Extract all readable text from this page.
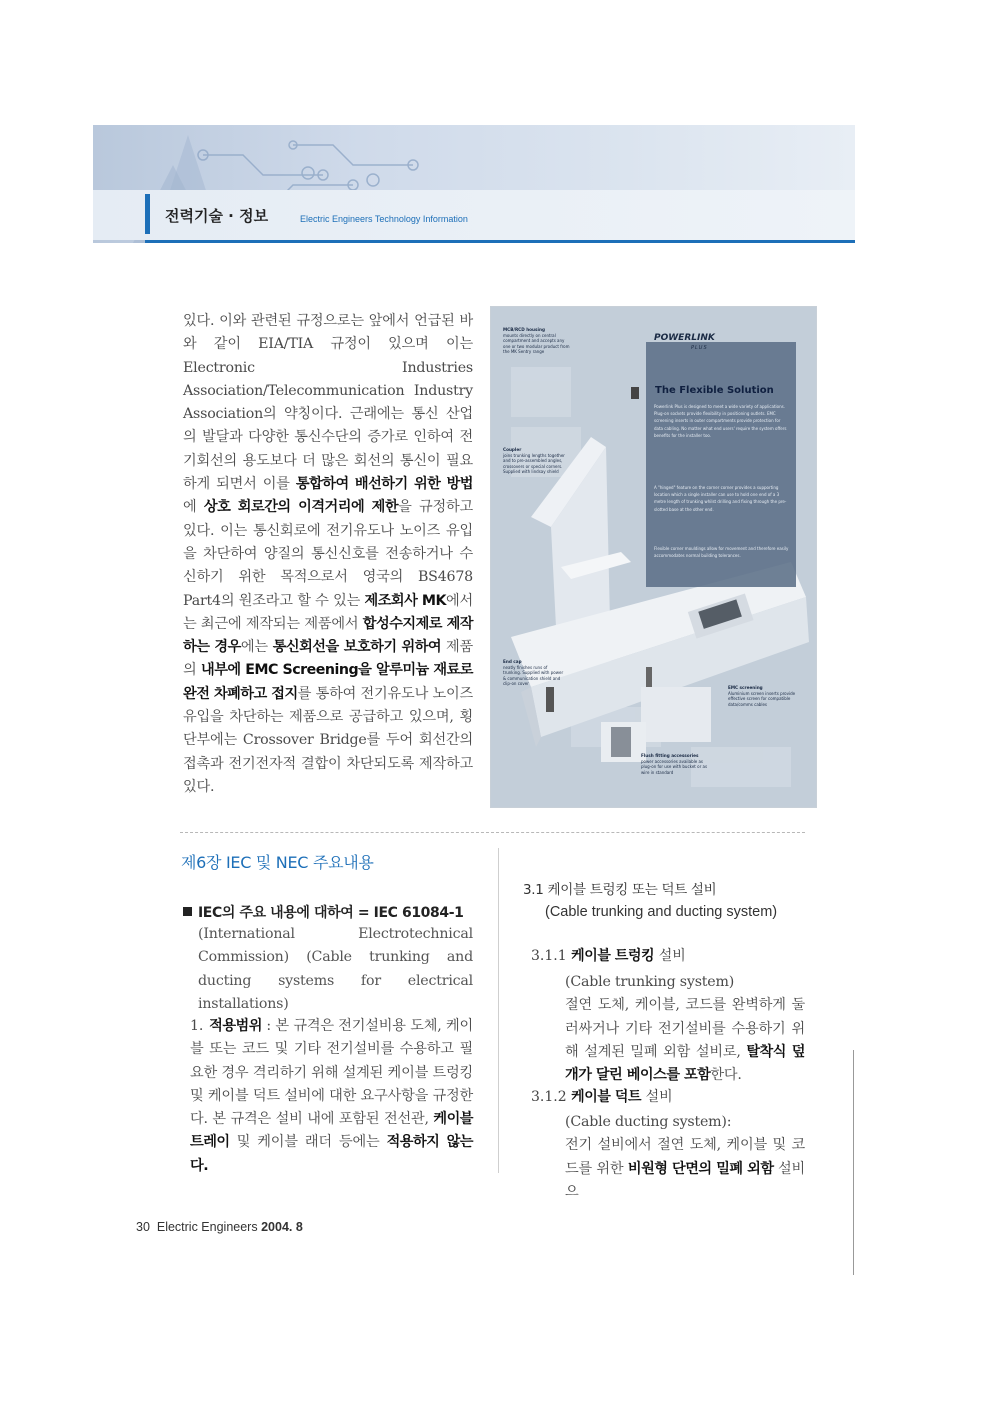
전력기술 · 정보	Electric Engineers Technology Information
있다. 이와 관련된 규정으로는 앞에서 언급된 바와 같이 EIA/TIA 규정이 있으며 이는 Electronic Industries Association/Telecommunication Industry Association의 약칭이다. 근래에는 통신 산업의 발달과 다양한 통신수단의 증가로 인하여 전기회선의 용도보다 더 많은 회선의 통신이 필요하게 되면서 이를 통합하여 배선하기 위한 방법에 상호 회로간의 이격거리에 제한을 규정하고 있다. 이는 통신회로에 전기유도나 노이즈 유입을 차단하여 양질의 통신신호를 전송하거나 수신하기 위한 목적으로서 영국의 BS4678 Part4의 원조라고 할 수 있는 제조회사 MK에서는 최근에 제작되는 제품에서 합성수지제로 제작하는 경우에는 통신회선을 보호하기 위하여 제품의 내부에 EMC Screening을 알루미늄 재료로 완전 차폐하고 접지를 통하여 전기유도나 노이즈 유입을 차단하는 제품으로 공급하고 있으며, 횡단부에는 Crossover Bridge를 두어 회선간의 접촉과 전기전자적 결합이 차단되도록 제작하고 있다.
POWERLINK
PLUS
The Flexible Solution
Powerlink Plus is designed to meet a wide variety of applications. Plug-on sockets provide flexibility in positioning outlets. EMC screening inserts in outer compartments provide protection for data cabling. No matter what end users' require the system offers benefits for the installer too.
A "hinged" feature on the corner corner provides a supporting location which a single installer can use to hold one end of a 3 metre length of trunking whilst drilling and fixing through the pre-slotted base at the other end.
Flexible corner mouldings allow for movement and therefore easily accommodates normal building tolerances.
MCB/RCD housing
mounts directly on central compartment and accepts any one or two modular product from the MK Sentry range
Coupler
joins trunking lengths together and to pre-assembled angles, crossovers or special corners. Supplied with lindsay shield
End cap
neatly finishes runs of trunking. Supplied with power & communication shield and clip-on cover
EMC screening
Aluminium screen inserts provide effective screen for compatible data/comms cables
Flush fitting accessories
power accessories available as plug-on for use with bucket or as wire in standard
제6장 IEC 및 NEC 주요내용
IEC의 주요 내용에 대하여 = IEC 61084-1
(International Electrotechnical Commission) (Cable trunking and ducting systems for electrical installations)
1. 적용범위 : 본 규격은 전기설비용 도체, 케이블 또는 코드 및 기타 전기설비를 수용하고 필요한 경우 격리하기 위해 설계된 케이블 트렁킹 및 케이블 덕트 설비에 대한 요구사항을 규정한다. 본 규격은 설비 내에 포함된 전선관, 케이블 트레이 및 케이블 래더 등에는 적용하지 않는다.
3.1 케이블 트렁킹 또는 덕트 설비
(Cable trunking and ducting system)
3.1.1 케이블 트렁킹 설비
(Cable trunking system)
절연 도체, 케이블, 코드를 완벽하게 둘러싸거나 기타 전기설비를 수용하기 위해 설계된 밀폐 외함 설비로, 탈착식 덮개가 달린 베이스를 포함한다.
3.1.2 케이블 덕트 설비
(Cable ducting system):
전기 설비에서 절연 도체, 케이블 및 코드를 위한 비원형 단면의 밀폐 외함 설비으
30 Electric Engineers 2004. 8
